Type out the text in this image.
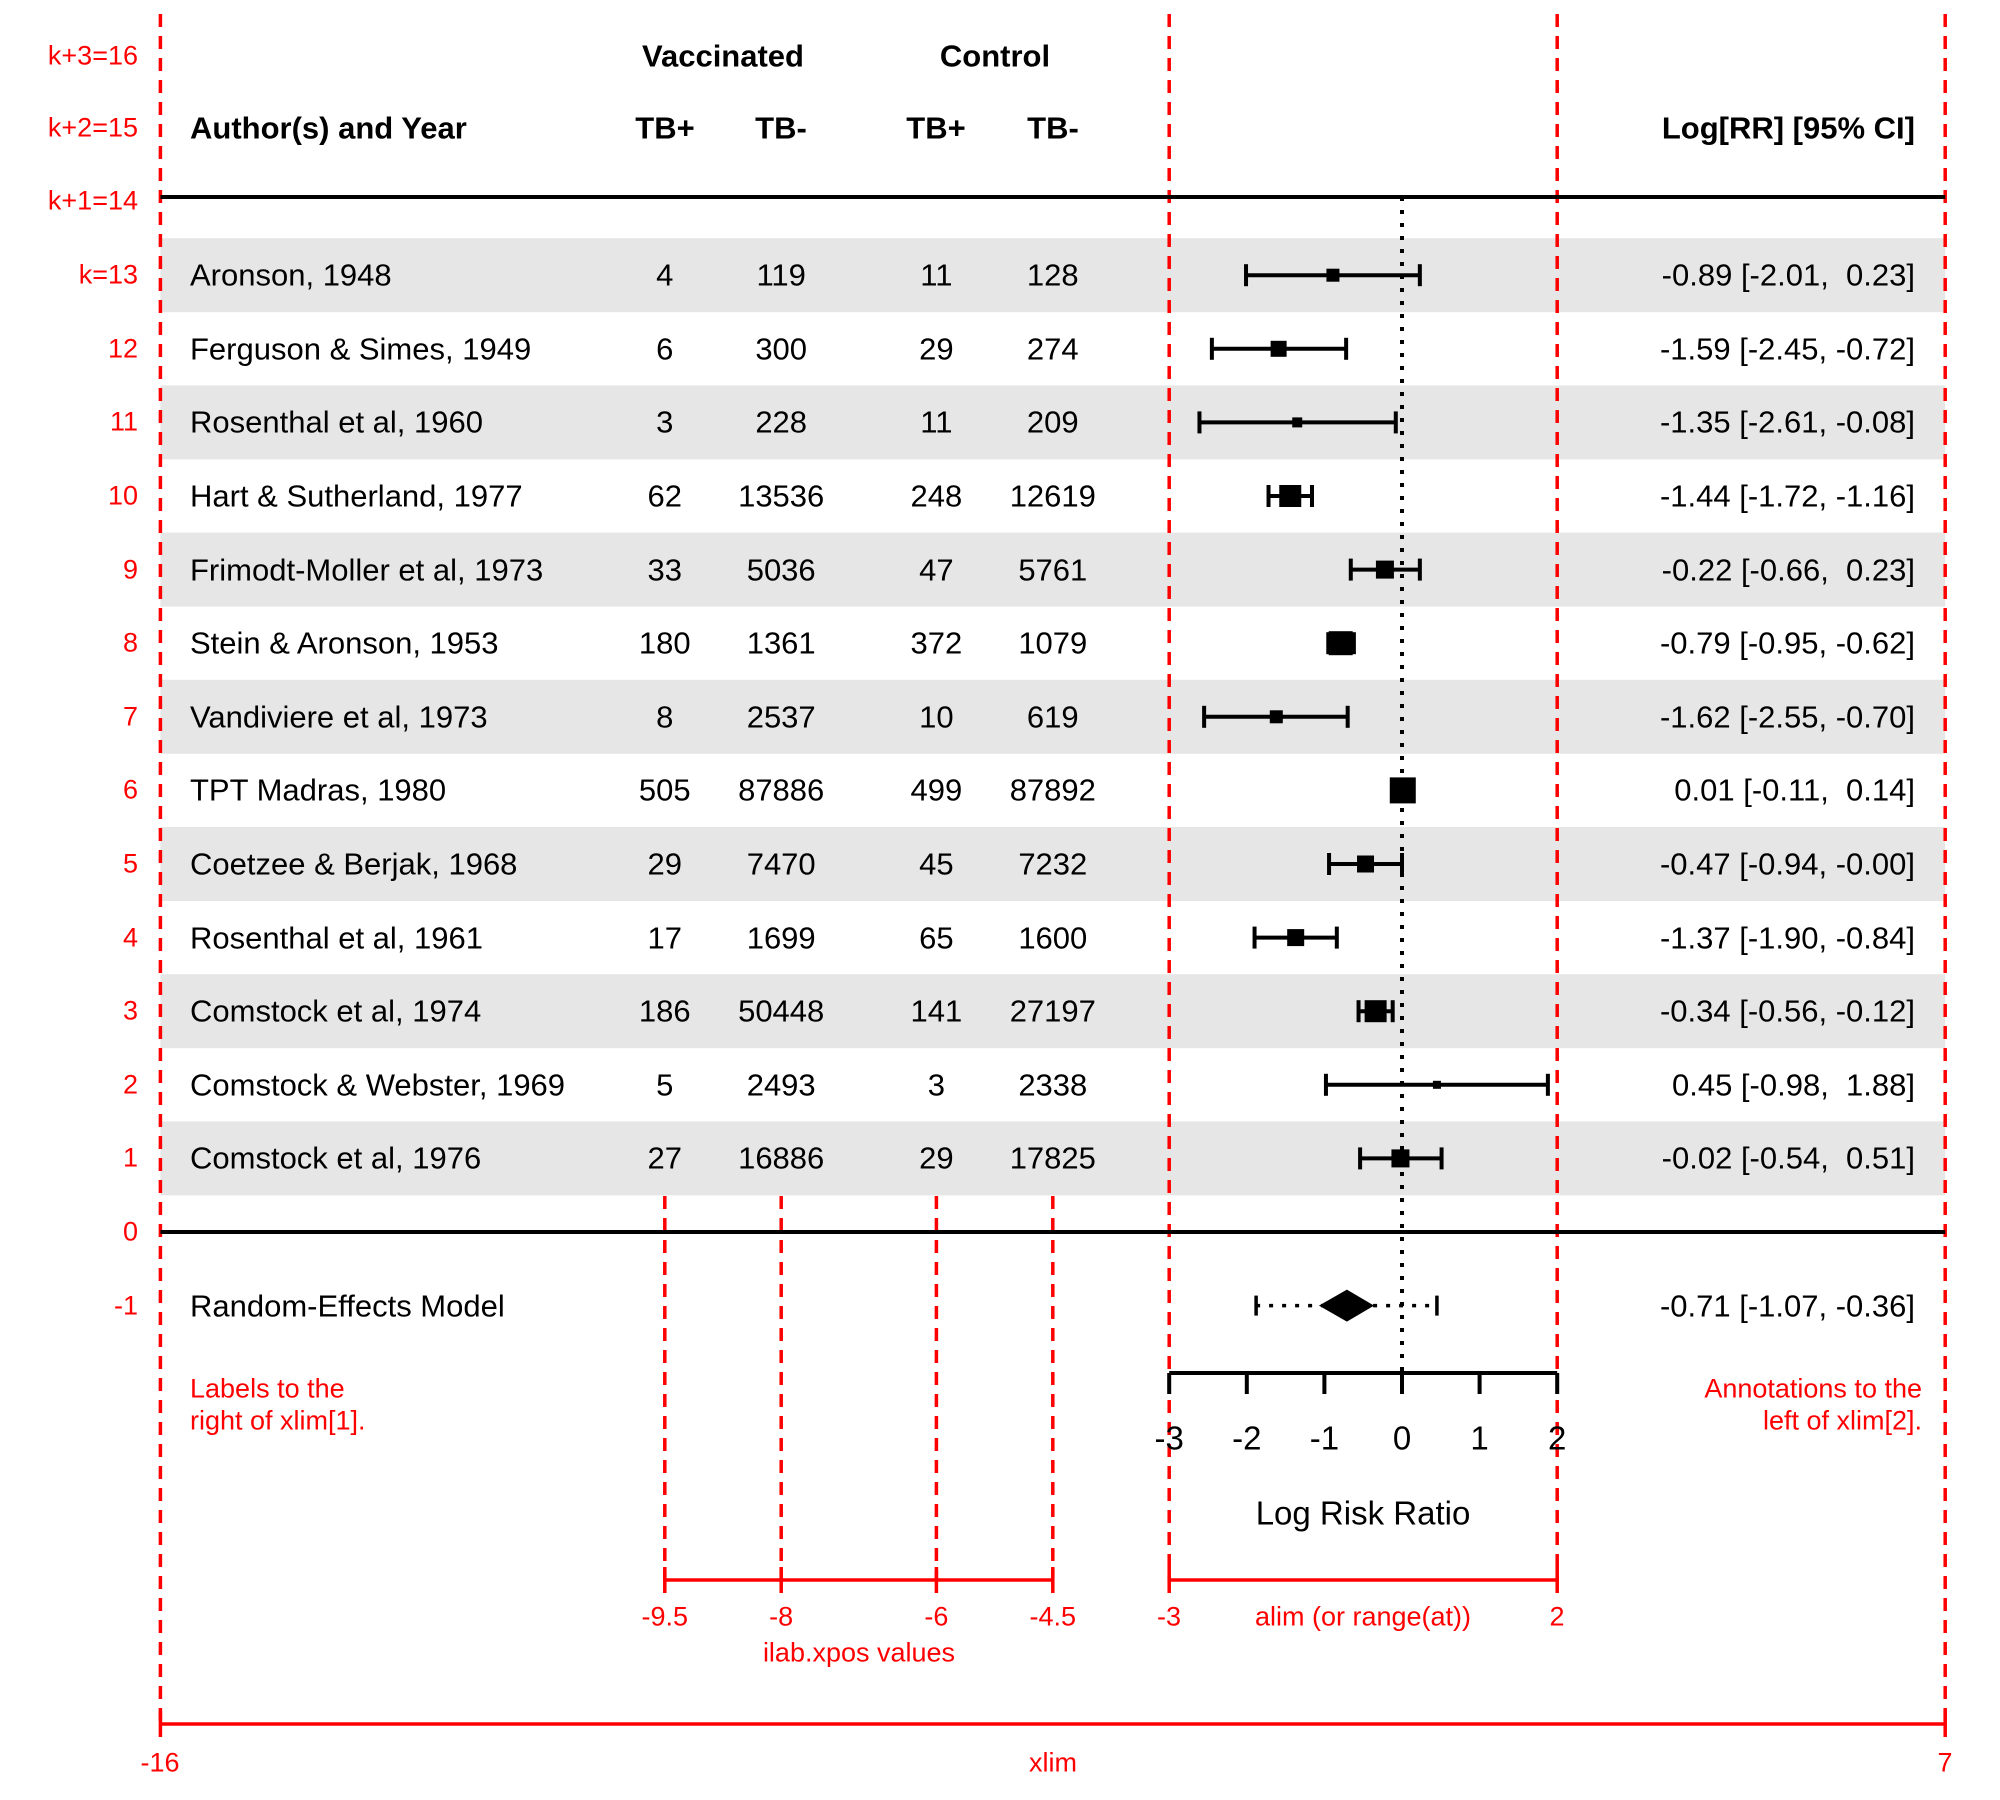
Author(s) and Year
Vaccinated	Control
TB+ TB-	TB+ TB-	Log[RR] [95% CI]
k+3=16
k+2=15
k+1=14
0
-1 Random-Effects Model	-0.71 [-1.07, -0.36]
Labels to the
right of xlim[1].
Annotations to the
left of xlim[2].
Log Risk Ratio
-3	alim (or range(at))	2
ilab.xpos values
-16	7
xlim
-3 -2 -1 0 1 2
-9.5	-8	-6	-4.5
k=13 Aronson, 1948	4	119	11 128	-0.89 [-2.01,  0.23]
12 Ferguson & Simes, 1949	6	300	29 274	-1.59 [-2.45, -0.72]
11 Rosenthal et al, 1960	3	228	11 209	-1.35 [-2.61, -0.08]
10 Hart & Sutherland, 1977	62 13536	248 12619	-1.44 [-1.72, -1.16]
9 Frimodt-Moller et al, 1973	33 5036	47 5761	-0.22 [-0.66,  0.23]
8 Stein & Aronson, 1953	180 1361	372 1079	-0.79 [-0.95, -0.62]
7 Vandiviere et al, 1973	8 2537	10 619	-1.62 [-2.55, -0.70]
6 TPT Madras, 1980	505 87886	499 87892	0.01 [-0.11,  0.14]
5 Coetzee & Berjak, 1968	29 7470	45 7232	-0.47 [-0.94, -0.00]
4 Rosenthal et al, 1961	17 1699	65 1600	-1.37 [-1.90, -0.84]
3 Comstock et al, 1974	186 50448	141 27197	-0.34 [-0.56, -0.12]
2 Comstock & Webster, 1969	5 2493	3 2338	0.45 [-0.98,  1.88]
1 Comstock et al, 1976	27 16886	29 17825	-0.02 [-0.54,  0.51]
